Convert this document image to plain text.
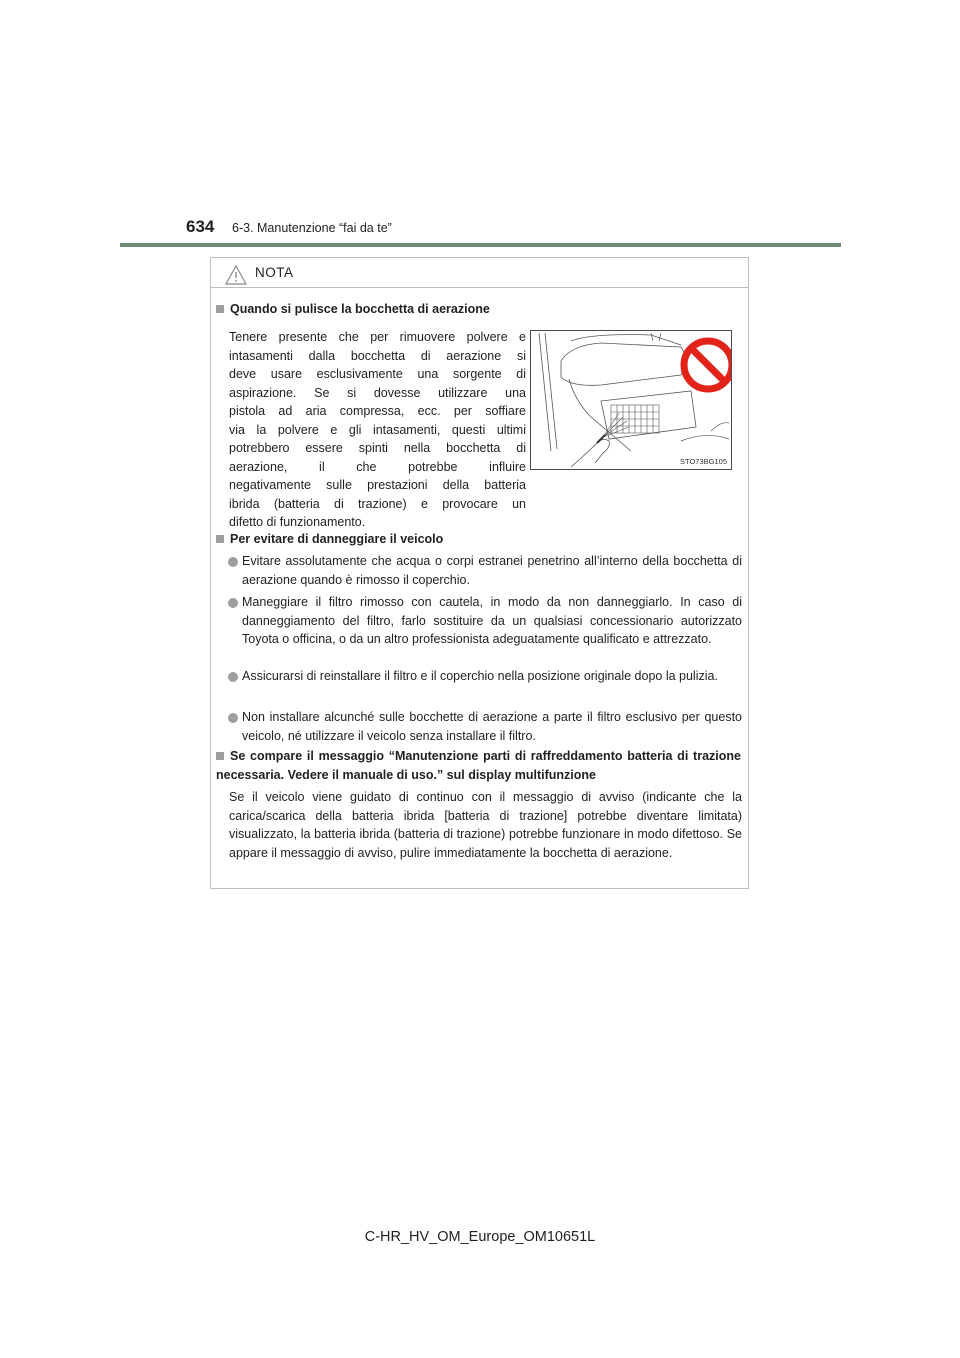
634 6-3. Manutenzione “fai da te”
NOTA
Quando si pulisce la bocchetta di aerazione
Tenere presente che per rimuovere polvere e
intasamenti dalla bocchetta di aerazione si
deve usare esclusivamente una sorgente di
aspirazione. Se si dovesse utilizzare una
pistola ad aria compressa, ecc. per soffiare
via la polvere e gli intasamenti, questi ultimi
potrebbero essere spinti nella bocchetta di
aerazione, il che potrebbe influire
negativamente sulle prestazioni della batteria
ibrida (batteria di trazione) e provocare un
difetto di funzionamento.
STO73BG105
Per evitare di danneggiare il veicolo
Evitare assolutamente che acqua o corpi estranei penetrino all’interno della bocchetta di aerazione quando è rimosso il coperchio.
Maneggiare il filtro rimosso con cautela, in modo da non danneggiarlo. In caso di danneggiamento del filtro, farlo sostituire da un qualsiasi concessionario autorizzato Toyota o officina, o da un altro professionista adeguatamente qualificato e attrezzato.
Assicurarsi di reinstallare il filtro e il coperchio nella posizione originale dopo la pulizia.
Non installare alcunché sulle bocchette di aerazione a parte il filtro esclusivo per questo veicolo, né utilizzare il veicolo senza installare il filtro.
Se compare il messaggio “Manutenzione parti di raffreddamento batteria di trazione necessaria. Vedere il manuale di uso.” sul display multifunzione
Se il veicolo viene guidato di continuo con il messaggio di avviso (indicante che la carica/scarica della batteria ibrida [batteria di trazione] potrebbe diventare limitata) visualizzato, la batteria ibrida (batteria di trazione) potrebbe funzionare in modo difettoso. Se appare il messaggio di avviso, pulire immediatamente la bocchetta di aerazione.
C-HR_HV_OM_Europe_OM10651L
